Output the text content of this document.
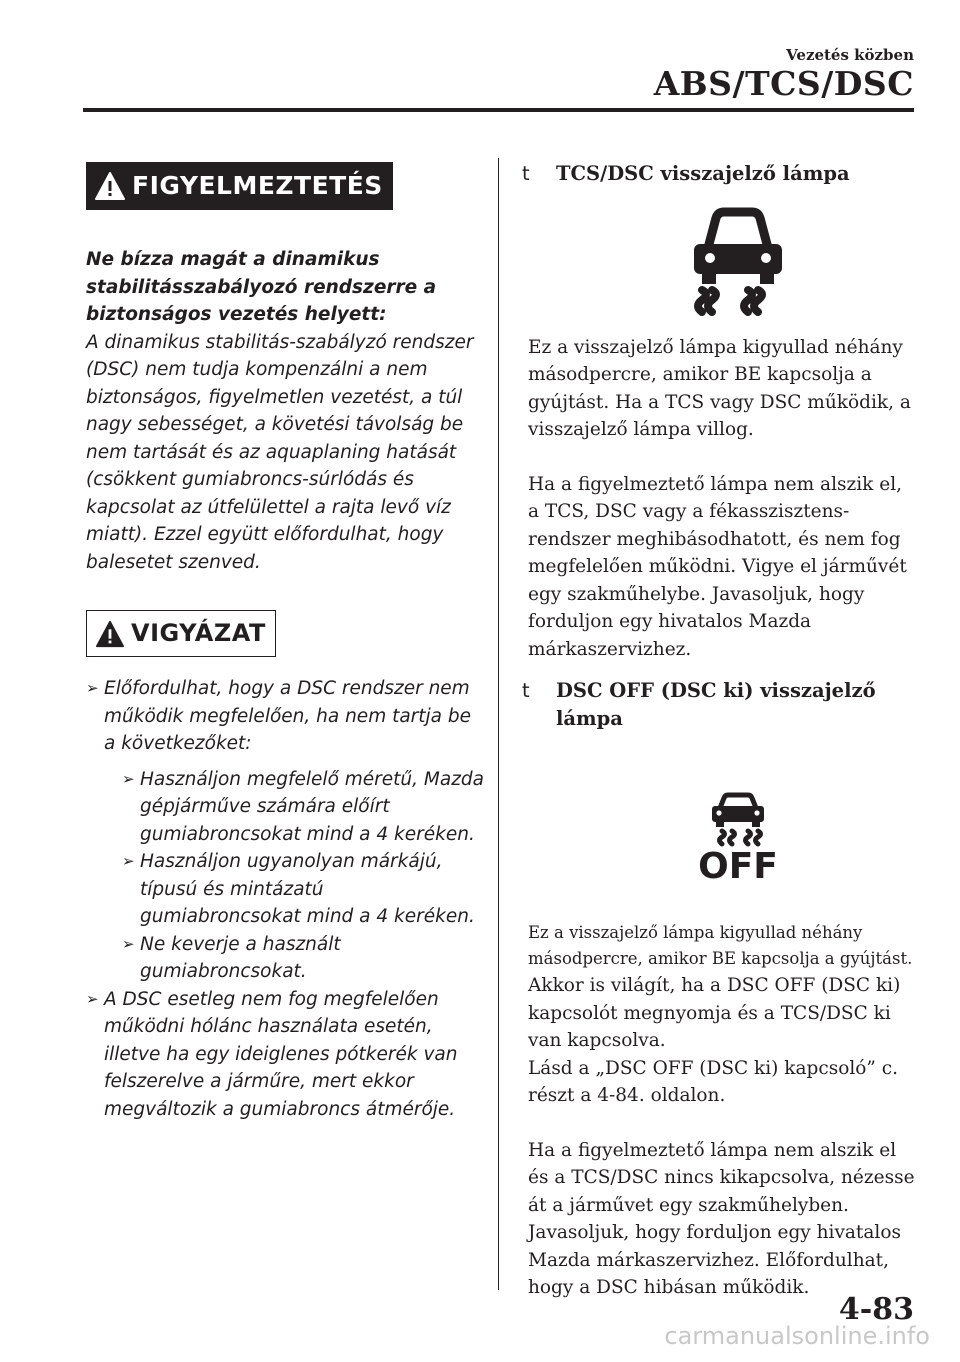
Vezetés közben
ABS/TCS/DSC
FIGYELMEZTETÉS

Ne bízza magát a dinamikus stabilitásszabályozó rendszerre a biztonságos vezetés helyett:

A dinamikus stabilitás-szabályzó rendszer (DSC) nem tudja kompenzálni a nem biztonságos, figyelmetlen vezetést, a túl nagy sebességet, a követési távolság be nem tartását és az aquaplaning hatását (csökkent gumiabroncs-súrlódás és kapcsolat az útfelülettel a rajta levő víz miatt). Ezzel együtt előfordulhat, hogy balesetet szenved.

VIGYÁZAT
➢ Előfordulhat, hogy a DSC rendszer nem működik megfelelően, ha nem tartja be a következőket:
➢ Használjon megfelelő méretű, Mazda gépjárműve számára előírt gumiabroncsokat mind a 4 keréken.
➢ Használjon ugyanolyan márkájú, típusú és mintázatú gumiabroncsokat mind a 4 keréken.
➢ Ne keverje a használt gumiabroncsokat.
➢ A DSC esetleg nem fog megfelelően működni hólánc használata esetén, illetve ha egy ideiglenes pótkerék van felszerelve a járműre, mert ekkor megváltozik a gumiabroncs átmérője.
t TCS/DSC visszajelző lámpa

Ez a visszajelző lámpa kigyullad néhány másodpercre, amikor BE kapcsolja a gyújtást. Ha a TCS vagy DSC működik, a visszajelző lámpa villog.

Ha a figyelmeztető lámpa nem alszik el, a TCS, DSC vagy a fékasszisztens-rendszer meghibásodhatott, és nem fog megfelelően működni. Vigye el járművét egy szakműhelybe. Javasoljuk, hogy forduljon egy hivatalos Mazda márkaszervizhez.

t DSC OFF (DSC ki) visszajelző lámpa
OFF

Ez a visszajelző lámpa kigyullad néhány másodpercre, amikor BE kapcsolja a gyújtást.

Akkor is világít, ha a DSC OFF (DSC ki) kapcsolót megnyomja és a TCS/DSC ki van kapcsolva.

Lásd a „DSC OFF (DSC ki) kapcsoló” c. részt a 4-84. oldalon.

Ha a figyelmeztető lámpa nem alszik el és a TCS/DSC nincs kikapcsolva, nézesse át a járművet egy szakműhelyben. Javasoljuk, hogy forduljon egy hivatalos Mazda márkaszervizhez. Előfordulhat, hogy a DSC hibásan működik.

4-83
carmanualsonline.info
